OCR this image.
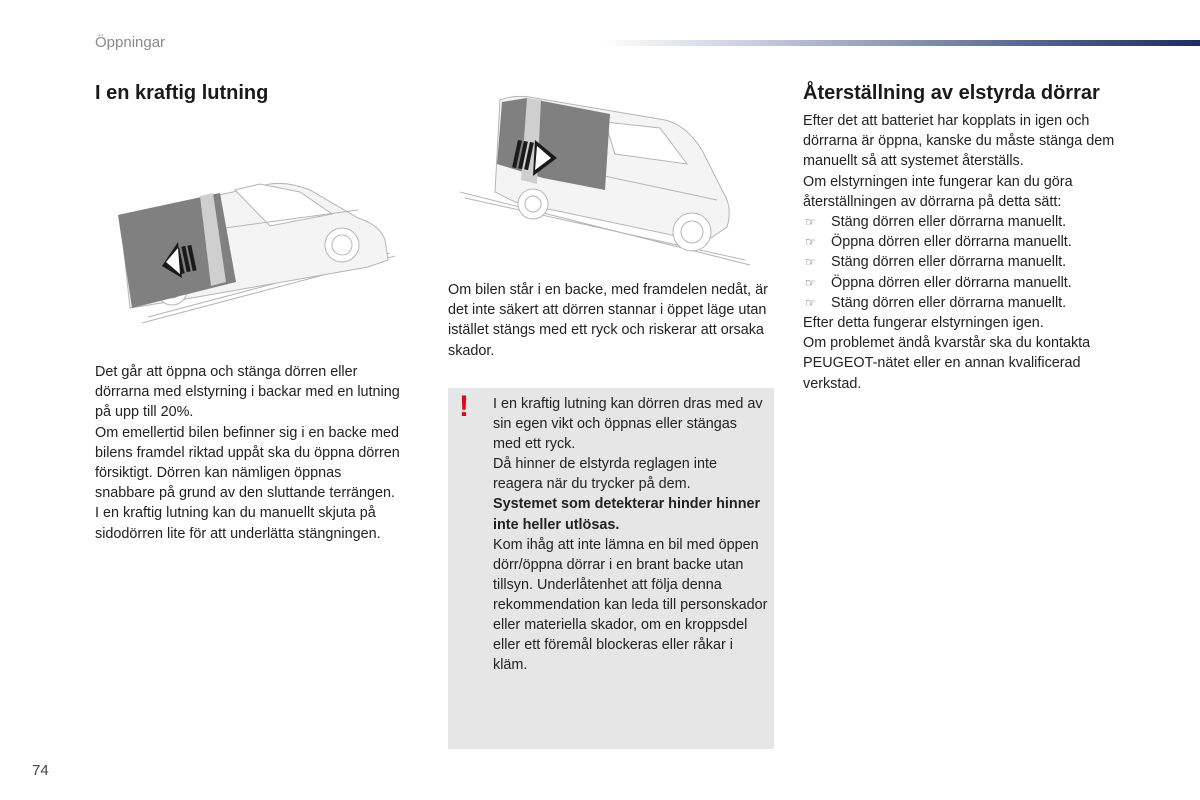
Öppningar
I en kraftig lutning

Det går att öppna och stänga dörren eller dörrarna med elstyrning i backar med en lutning på upp till 20%.

Om emellertid bilen befinner sig i en backe med bilens framdel riktad uppåt ska du öppna dörren försiktigt. Dörren kan nämligen öppnas snabbare på grund av den sluttande terrängen.

I en kraftig lutning kan du manuellt skjuta på sidodörren lite för att underlätta stängningen.

Om bilen står i en backe, med framdelen nedåt, är det inte säkert att dörren stannar i öppet läge utan istället stängs med ett ryck och riskerar att orsaka skador.
! I en kraftig lutning kan dörren dras med av sin egen vikt och öppnas eller stängas med ett ryck.

Då hinner de elstyrda reglagen inte reagera när du trycker på dem.

Systemet som detekterar hinder hinner inte heller utlösas.

Kom ihåg att inte lämna en bil med öppen dörr/öppna dörrar i en brant backe utan tillsyn. Underlåtenhet att följa denna rekommendation kan leda till personskador eller materiella skador, om en kroppsdel eller ett föremål blockeras eller råkar i kläm.

Återställning av elstyrda dörrar

Efter det att batteriet har kopplats in igen och dörrarna är öppna, kanske du måste stänga dem manuellt så att systemet återställs.

Om elstyrningen inte fungerar kan du göra återställningen av dörrarna på detta sätt:

☞ Stäng dörren eller dörrarna manuellt.
☞ Öppna dörren eller dörrarna manuellt.
☞ Stäng dörren eller dörrarna manuellt.
☞ Öppna dörren eller dörrarna manuellt.
☞ Stäng dörren eller dörrarna manuellt.

Efter detta fungerar elstyrningen igen.

Om problemet ändå kvarstår ska du kontakta PEUGEOT-nätet eller en annan kvalificerad verkstad.

74
